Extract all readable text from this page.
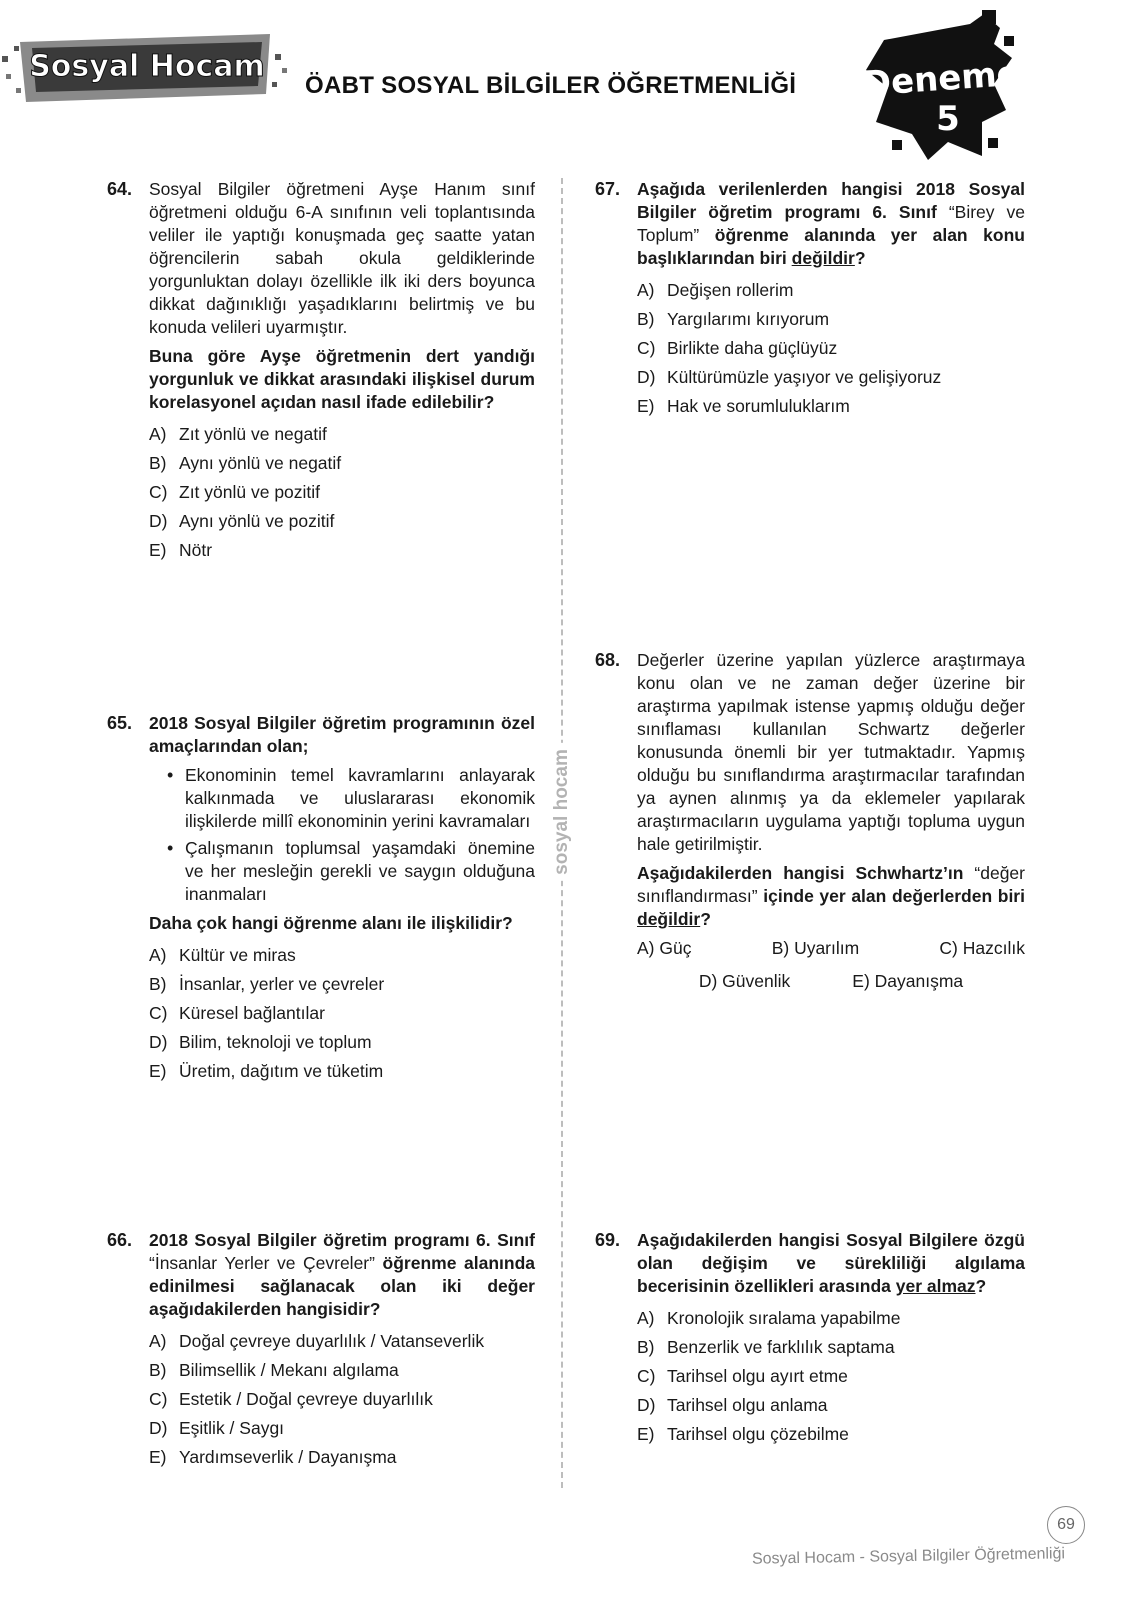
Sosyal Hocam
ÖABT SOSYAL BİLGİLER ÖĞRETMENLİĞİ Deneme
5
sosyal hocam
64. Sosyal Bilgiler öğretmeni Ayşe Hanım sınıf öğretmeni olduğu 6-A sınıfının veli toplantısında veliler ile yaptığı konuşmada geç saatte yatan öğrencilerin sabah okula geldiklerinde yorgunluktan dolayı özellikle ilk iki ders boyunca dikkat dağınıklığı yaşadıklarını belirtmiş ve bu konuda velileri uyarmıştır.

Buna göre Ayşe öğretmenin dert yandığı yorgunluk ve dikkat arasındaki ilişkisel durum korelasyonel açıdan nasıl ifade edilebilir?

A) Zıt yönlü ve negatif
B) Aynı yönlü ve negatif
C) Zıt yönlü ve pozitif
D) Aynı yönlü ve pozitif
E) Nötr
65. 2018 Sosyal Bilgiler öğretim programının özel amaçlarından olan;

• Ekonominin temel kavramlarını anlayarak kalkınmada ve uluslararası ekonomik ilişkilerde millî ekonominin yerini kavramaları
• Çalışmanın toplumsal yaşamdaki önemine ve her mesleğin gerekli ve saygın olduğuna inanmaları

Daha çok hangi öğrenme alanı ile ilişkilidir?

A) Kültür ve miras
B) İnsanlar, yerler ve çevreler
C) Küresel bağlantılar
D) Bilim, teknoloji ve toplum
E) Üretim, dağıtım ve tüketim
66. 2018 Sosyal Bilgiler öğretim programı 6. Sınıf “İnsanlar Yerler ve Çevreler” öğrenme alanında edinilmesi sağlanacak olan iki değer aşağıdakilerden hangisidir?

A) Doğal çevreye duyarlılık / Vatanseverlik
B) Bilimsellik / Mekanı algılama
C) Estetik / Doğal çevreye duyarlılık
D) Eşitlik / Saygı
E) Yardımseverlik / Dayanışma
67. Aşağıda verilenlerden hangisi 2018 Sosyal Bilgiler öğretim programı 6. Sınıf “Birey ve Toplum” öğrenme alanında yer alan konu başlıklarından biri değildir?

A) Değişen rollerim
B) Yargılarımı kırıyorum
C) Birlikte daha güçlüyüz
D) Kültürümüzle yaşıyor ve gelişiyoruz
E) Hak ve sorumluluklarım
68. Değerler üzerine yapılan yüzlerce araştırmaya konu olan ve ne zaman değer üzerine bir araştırma yapılmak istense yapmış olduğu değer sınıflaması kullanılan Schwartz değerler konusunda önemli bir yer tutmaktadır. Yapmış olduğu bu sınıflandırma araştırmacılar tarafından ya aynen alınmış ya da eklemeler yapılarak araştırmacıların uygulama yaptığı topluma uygun hale getirilmiştir.

Aşağıdakilerden hangisi Schwhartz’ın “değer sınıflandırması” içinde yer alan değerlerden biri değildir?

A) Güç	B) Uyarılım	C) Hazcılık
D) Güvenlik	E) Dayanışma
69. Aşağıdakilerden hangisi Sosyal Bilgilere özgü olan değişim ve sürekliliği algılama becerisinin özellikleri arasında yer almaz?

A) Kronolojik sıralama yapabilme
B) Benzerlik ve farklılık saptama
C) Tarihsel olgu ayırt etme
D) Tarihsel olgu anlama
E) Tarihsel olgu çözebilme
69
Sosyal Hocam - Sosyal Bilgiler Öğretmenliği
